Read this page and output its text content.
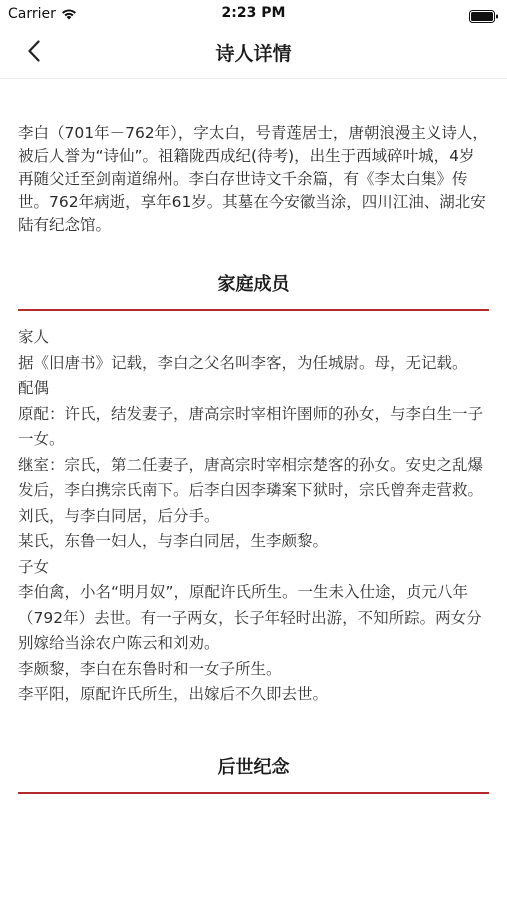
Carrier	2:23 PM
诗人详情
李白（701年－762年），字太白，号青莲居士，唐朝浪漫主义诗人，被后人誉为“诗仙”。祖籍陇西成纪(待考)，出生于西域碎叶城，4岁再随父迁至剑南道绵州。李白存世诗文千余篇，有《李太白集》传世。762年病逝，享年61岁。其墓在今安徽当涂，四川江油、湖北安陆有纪念馆。
家庭成员
家人
据《旧唐书》记载，李白之父名叫李客，为任城尉。母，无记载。
配偶
原配：许氏，结发妻子，唐高宗时宰相许圉师的孙女，与李白生一子一女。
继室：宗氏，第二任妻子，唐高宗时宰相宗楚客的孙女。安史之乱爆发后，李白携宗氏南下。后李白因李璘案下狱时，宗氏曾奔走营救。
刘氏，与李白同居，后分手。
某氏，东鲁一妇人，与李白同居，生李颇黎。
子女
李伯禽，小名“明月奴”，原配许氏所生。一生未入仕途，贞元八年（792年）去世。有一子两女，长子年轻时出游，不知所踪。两女分别嫁给当涂农户陈云和刘劝。
李颇黎，李白在东鲁时和一女子所生。
李平阳，原配许氏所生，出嫁后不久即去世。
后世纪念
